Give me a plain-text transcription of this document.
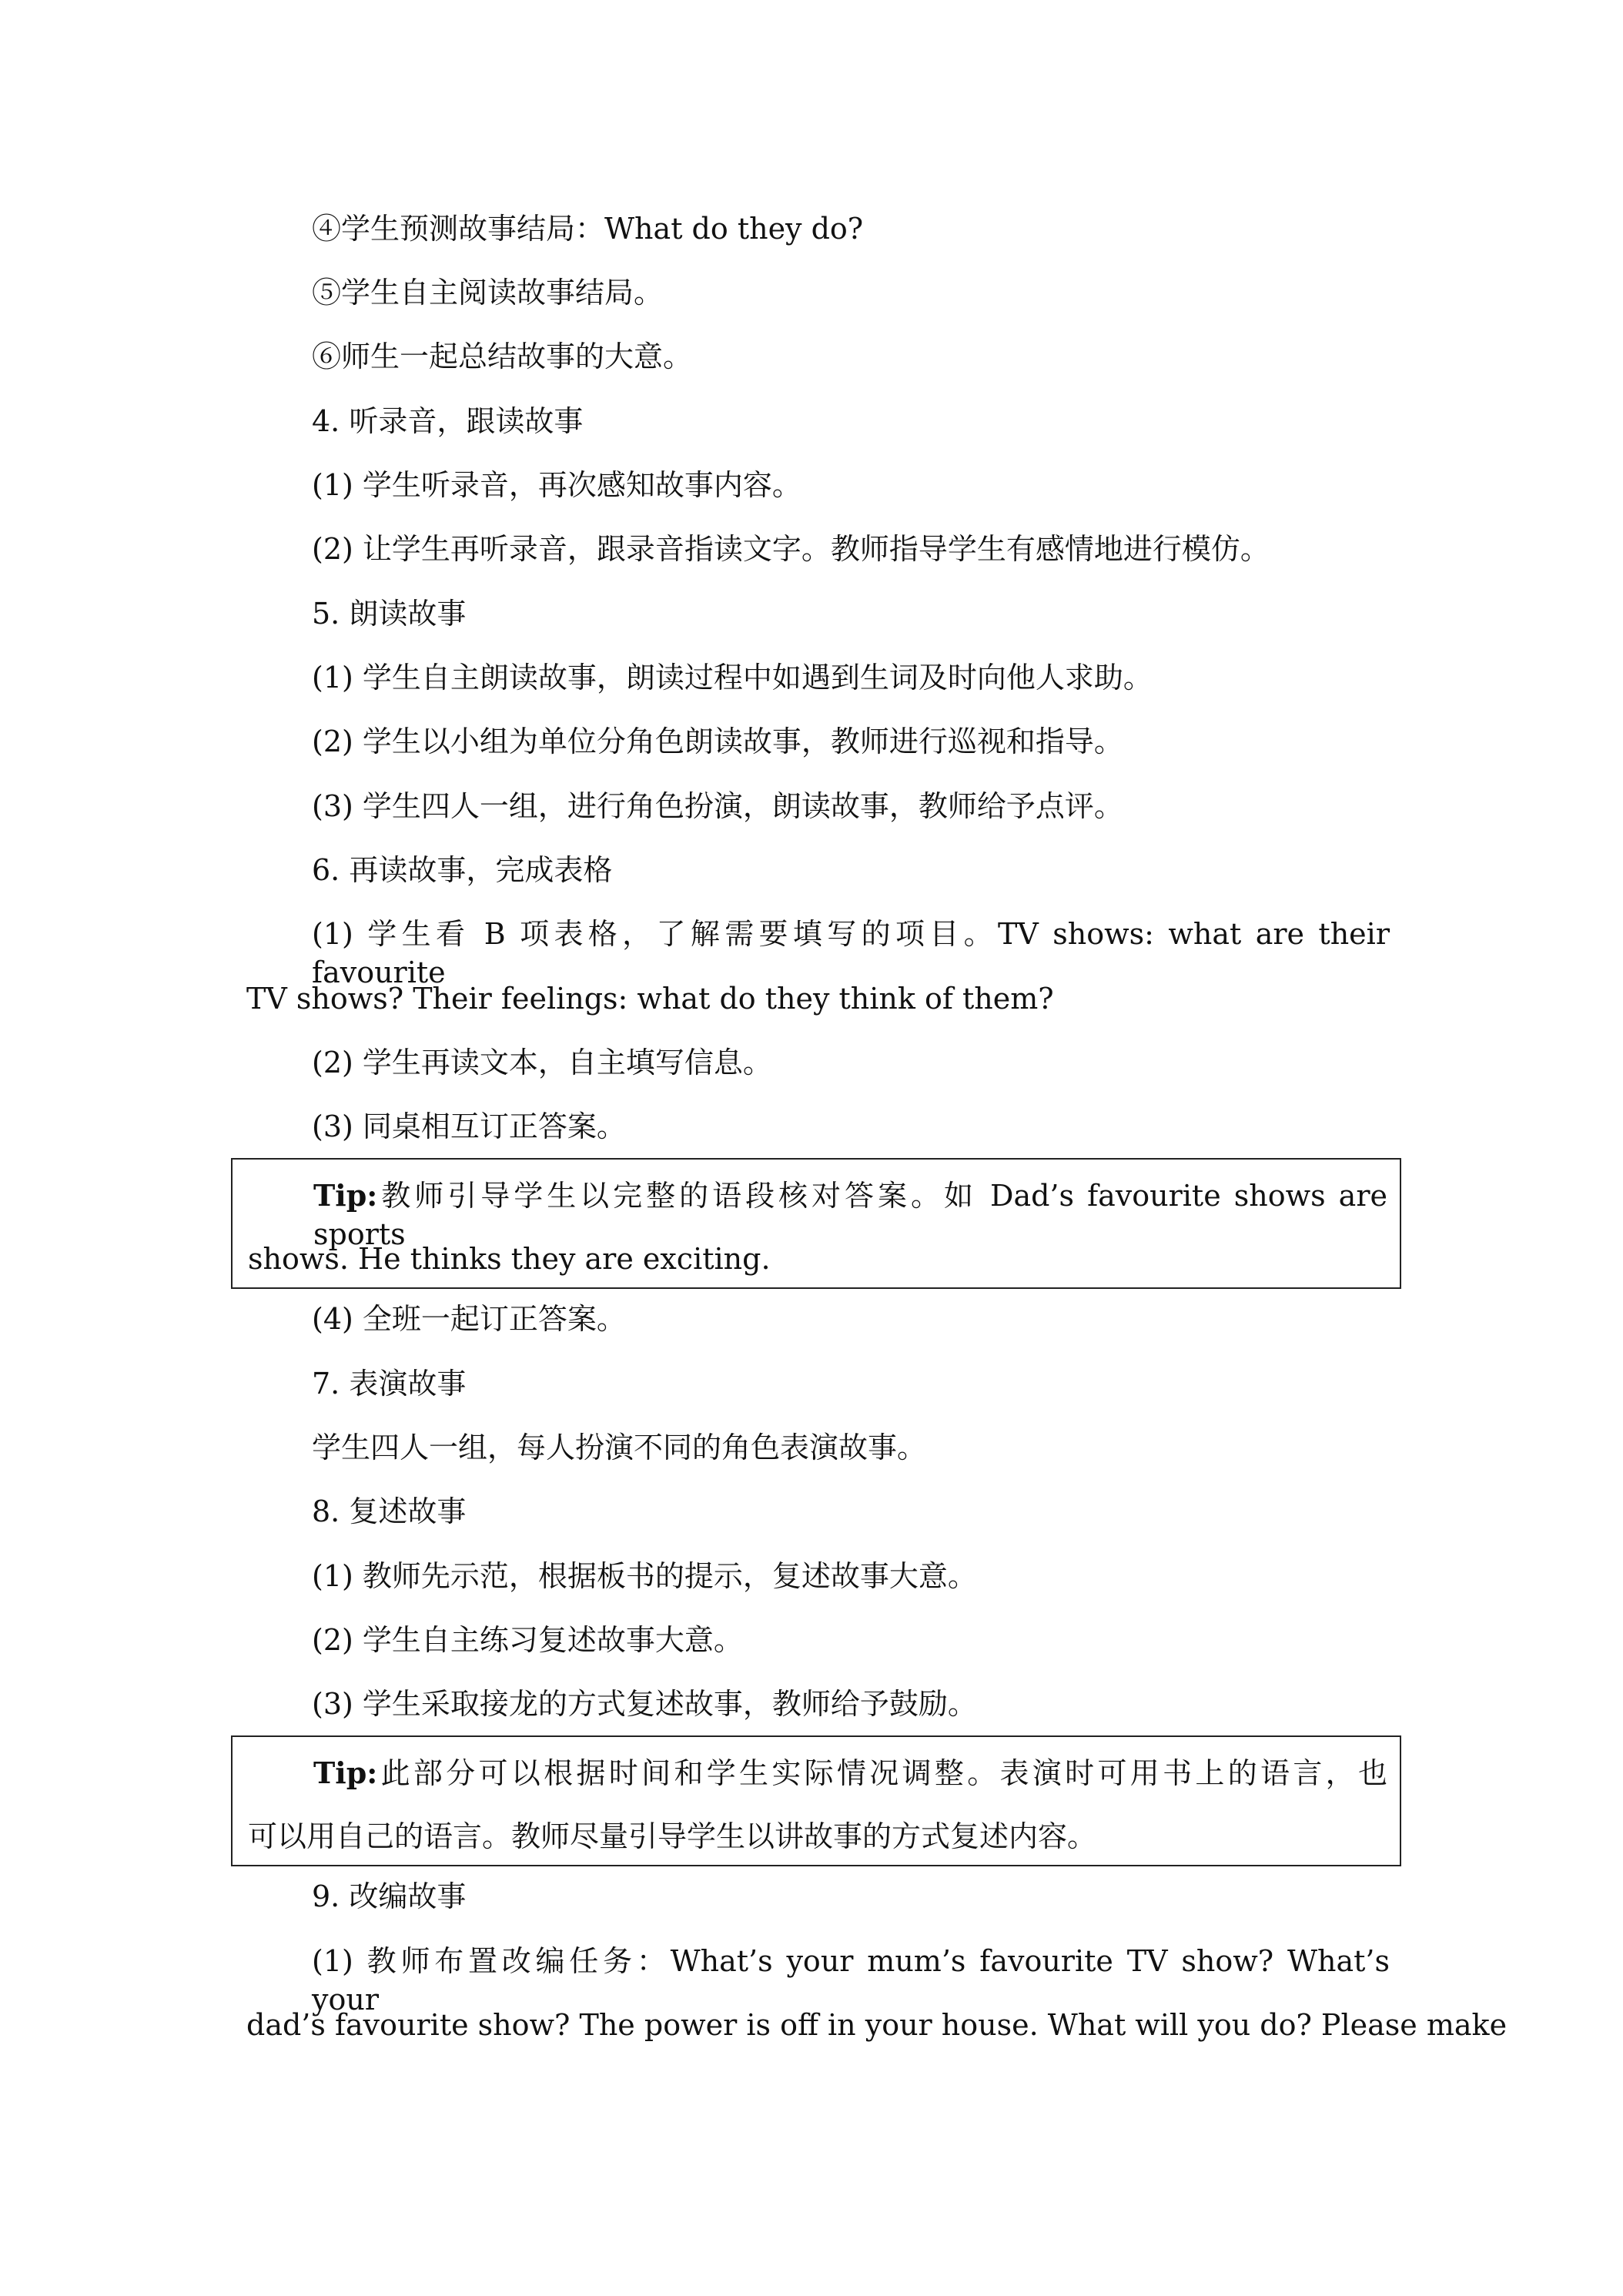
④学生预测故事结局：What do they do?

⑤学生自主阅读故事结局。

⑥师生一起总结故事的大意。

4. 听录音，跟读故事

(1) 学生听录音，再次感知故事内容。

(2) 让学生再听录音，跟录音指读文字。教师指导学生有感情地进行模仿。

5. 朗读故事

(1) 学生自主朗读故事，朗读过程中如遇到生词及时向他人求助。

(2) 学生以小组为单位分角色朗读故事，教师进行巡视和指导。

(3) 学生四人一组，进行角色扮演，朗读故事，教师给予点评。

6. 再读故事，完成表格

(1) 学生看 B 项表格，了解需要填写的项目。TV shows: what are their favourite

TV shows? Their feelings: what do they think of them?

(2) 学生再读文本，自主填写信息。

(3) 同桌相互订正答案。

Tip:教师引导学生以完整的语段核对答案。如 Dad’s favourite shows are sports

shows. He thinks they are exciting.

(4) 全班一起订正答案。

7. 表演故事

学生四人一组，每人扮演不同的角色表演故事。

8. 复述故事

(1) 教师先示范，根据板书的提示，复述故事大意。

(2) 学生自主练习复述故事大意。

(3) 学生采取接龙的方式复述故事，教师给予鼓励。

Tip:此部分可以根据时间和学生实际情况调整。表演时可用书上的语言，也

可以用自己的语言。教师尽量引导学生以讲故事的方式复述内容。

9. 改编故事

(1) 教师布置改编任务：What’s your mum’s favourite TV show? What’s your

dad’s favourite show? The power is off in your house. What will you do? Please make
